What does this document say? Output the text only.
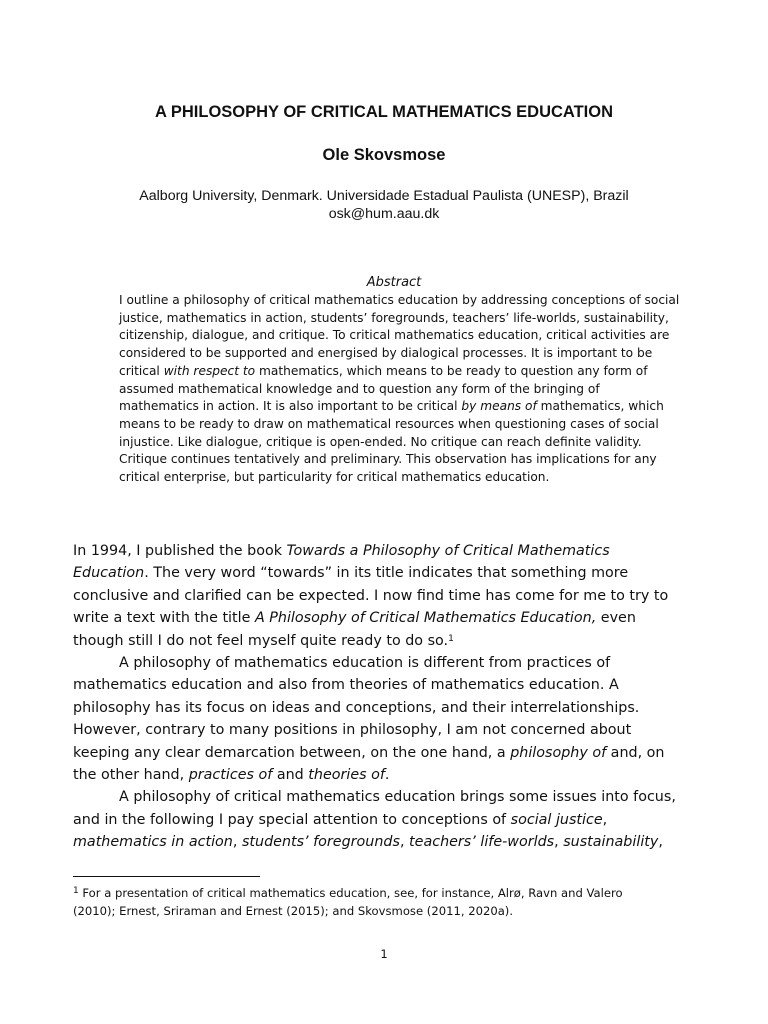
A PHILOSOPHY OF CRITICAL MATHEMATICS EDUCATION
Ole Skovsmose
Aalborg University, Denmark. Universidade Estadual Paulista (UNESP), Brazil
osk@hum.aau.dk
Abstract
I outline a philosophy of critical mathematics education by addressing conceptions of social
justice, mathematics in action, students’ foregrounds, teachers’ life-worlds, sustainability,
citizenship, dialogue, and critique. To critical mathematics education, critical activities are
considered to be supported and energised by dialogical processes. It is important to be
critical with respect to mathematics, which means to be ready to question any form of
assumed mathematical knowledge and to question any form of the bringing of
mathematics in action. It is also important to be critical by means of mathematics, which
means to be ready to draw on mathematical resources when questioning cases of social
injustice. Like dialogue, critique is open-ended. No critique can reach definite validity.
Critique continues tentatively and preliminary. This observation has implications for any
critical enterprise, but particularity for critical mathematics education.
In 1994, I published the book Towards a Philosophy of Critical Mathematics
Education. The very word “towards” in its title indicates that something more
conclusive and clarified can be expected. I now find time has come for me to try to
write a text with the title A Philosophy of Critical Mathematics Education, even
though still I do not feel myself quite ready to do so.$^1$
A philosophy of mathematics education is different from practices of
mathematics education and also from theories of mathematics education. A
philosophy has its focus on ideas and conceptions, and their interrelationships.
However, contrary to many positions in philosophy, I am not concerned about
keeping any clear demarcation between, on the one hand, a philosophy of and, on
the other hand, practices of and theories of.
A philosophy of critical mathematics education brings some issues into focus,
and in the following I pay special attention to conceptions of social justice,
mathematics in action, students’ foregrounds, teachers’ life-worlds, sustainability,
$^1$ For a presentation of critical mathematics education, see, for instance, Alrø, Ravn and Valero
(2010); Ernest, Sriraman and Ernest (2015); and Skovsmose (2011, 2020a).
1
